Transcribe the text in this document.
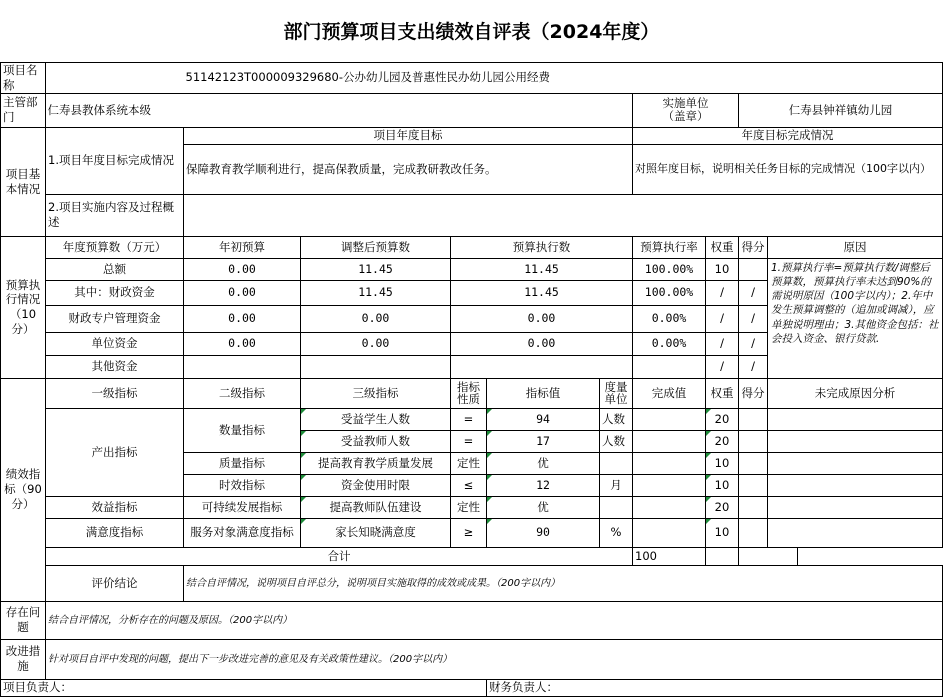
部门预算项目支出绩效自评表（2024年度）
项目名称			51142123T000009329680-公办幼儿园及普惠性民办幼儿园公用经费							
主管部门		仁寿县教体系统本级					实施单位
（盖章）		仁寿县钟祥镇幼儿园	
项目基本情况	1.项目年度目标完成情况	项目年度目标					年度目标完成情况			
		保障教育教学顺利进行，提高保教质量，完成教研教改任务。					对照年度目标，说明相关任务目标的完成情况（100字以内）			
	2.项目实施内容及过程概述									
预算执行情况（10分）	年度预算数（万元）	年初预算	调整后预算数	预算执行数			预算执行率	权重	得分	原因
	总额	0.00	11.45	11.45			100.00%	10		1.预算执行率=预算执行数/调整后预算数，预算执行率未达到90%的需说明原因（100字以内）；2.年中发生预算调整的（追加或调减），应单独说明理由；3.其他资金包括：社会投入资金、银行贷款.
	其中：财政资金	0.00	11.45	11.45			100.00%	/	/	
	财政专户管理资金	0.00	0.00	0.00			0.00%	/	/	
	单位资金	0.00	0.00	0.00			0.00%	/	/	
	其他资金							/	/	
绩效指标（90分）	一级指标	二级指标	三级指标	指标性质	指标值	度量单位	完成值	权重	得分	未完成原因分析
	产出指标	数量指标	受益学生人数	=	94	人数		20		
			受益教师人数	=	17	人数		20		
		质量指标	提高教育教学质量发展	定性	优			10		
		时效指标	资金使用时限	≤	12	月		10		
	效益指标	可持续发展指标	提高教师队伍建设	定性	优			20		
	满意度指标	服务对象满意度指标	家长知晓满意度	≥	90	%		10		
	合计						100			
	评价结论	结合自评情况，说明项目自评总分，说明项目实施取得的成效或成果。（200字以内）								
存在问题	结合自评情况，分析存在的问题及原因。（200字以内）									
改进措施	针对项目自评中发现的问题，提出下一步改进完善的意见及有关政策性建议。（200字以内）									
项目负责人：					财务负责人：					
